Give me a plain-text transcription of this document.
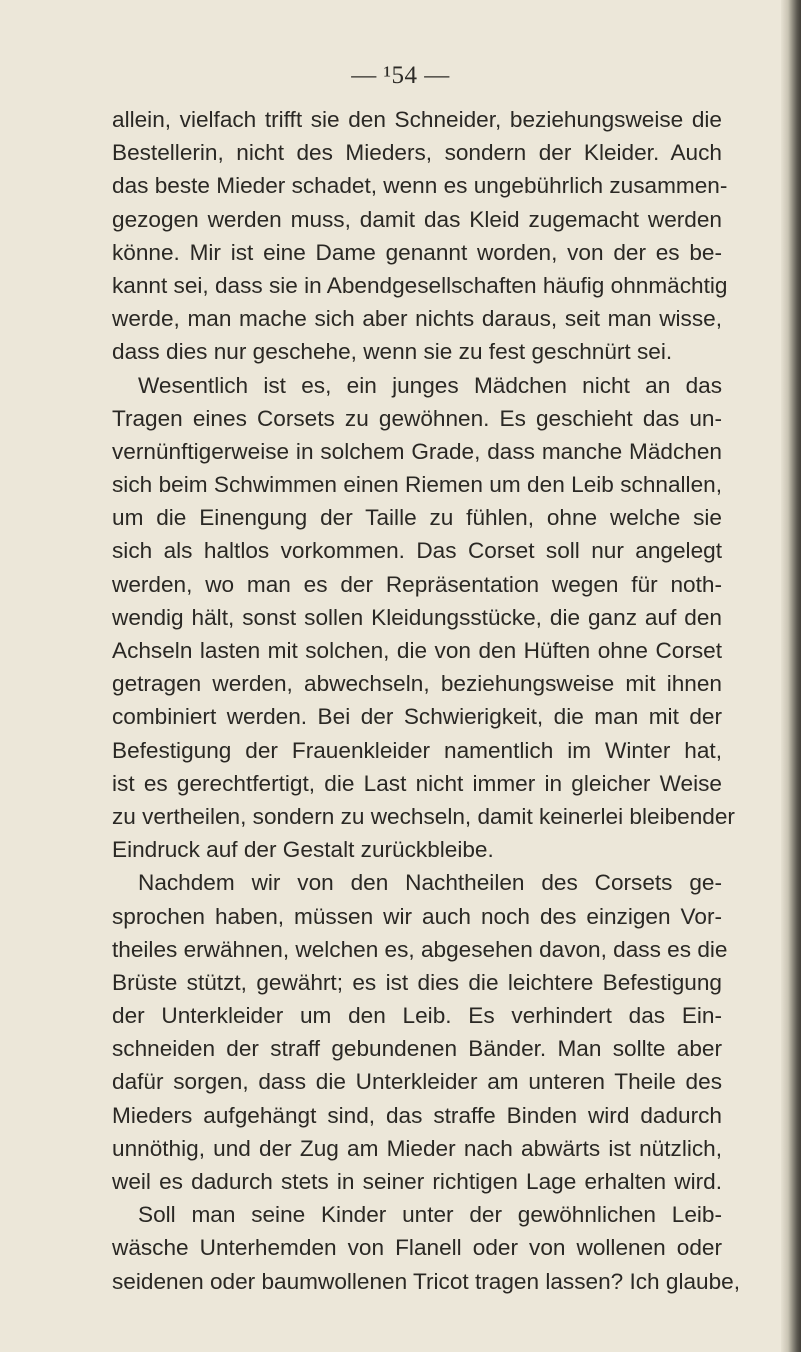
— ¹54 —
allein, vielfach trifft sie den Schneider, beziehungsweise die
Bestellerin, nicht des Mieders, sondern der Kleider. Auch
das beste Mieder schadet, wenn es ungebührlich zusammen-
gezogen werden muss, damit das Kleid zugemacht werden
könne. Mir ist eine Dame genannt worden, von der es be-
kannt sei, dass sie in Abendgesellschaften häufig ohnmächtig
werde, man mache sich aber nichts daraus, seit man wisse,
dass dies nur geschehe, wenn sie zu fest geschnürt sei.
Wesentlich ist es, ein junges Mädchen nicht an das
Tragen eines Corsets zu gewöhnen. Es geschieht das un-
vernünftigerweise in solchem Grade, dass manche Mädchen
sich beim Schwimmen einen Riemen um den Leib schnallen,
um die Einengung der Taille zu fühlen, ohne welche sie
sich als haltlos vorkommen. Das Corset soll nur angelegt
werden, wo man es der Repräsentation wegen für noth-
wendig hält, sonst sollen Kleidungsstücke, die ganz auf den
Achseln lasten mit solchen, die von den Hüften ohne Corset
getragen werden, abwechseln, beziehungsweise mit ihnen
combiniert werden. Bei der Schwierigkeit, die man mit der
Befestigung der Frauenkleider namentlich im Winter hat,
ist es gerechtfertigt, die Last nicht immer in gleicher Weise
zu vertheilen, sondern zu wechseln, damit keinerlei bleibender
Eindruck auf der Gestalt zurückbleibe.
Nachdem wir von den Nachtheilen des Corsets ge-
sprochen haben, müssen wir auch noch des einzigen Vor-
theiles erwähnen, welchen es, abgesehen davon, dass es die
Brüste stützt, gewährt; es ist dies die leichtere Befestigung
der Unterkleider um den Leib. Es verhindert das Ein-
schneiden der straff gebundenen Bänder. Man sollte aber
dafür sorgen, dass die Unterkleider am unteren Theile des
Mieders aufgehängt sind, das straffe Binden wird dadurch
unnöthig, und der Zug am Mieder nach abwärts ist nützlich,
weil es dadurch stets in seiner richtigen Lage erhalten wird.
Soll man seine Kinder unter der gewöhnlichen Leib-
wäsche Unterhemden von Flanell oder von wollenen oder
seidenen oder baumwollenen Tricot tragen lassen? Ich glaube,
